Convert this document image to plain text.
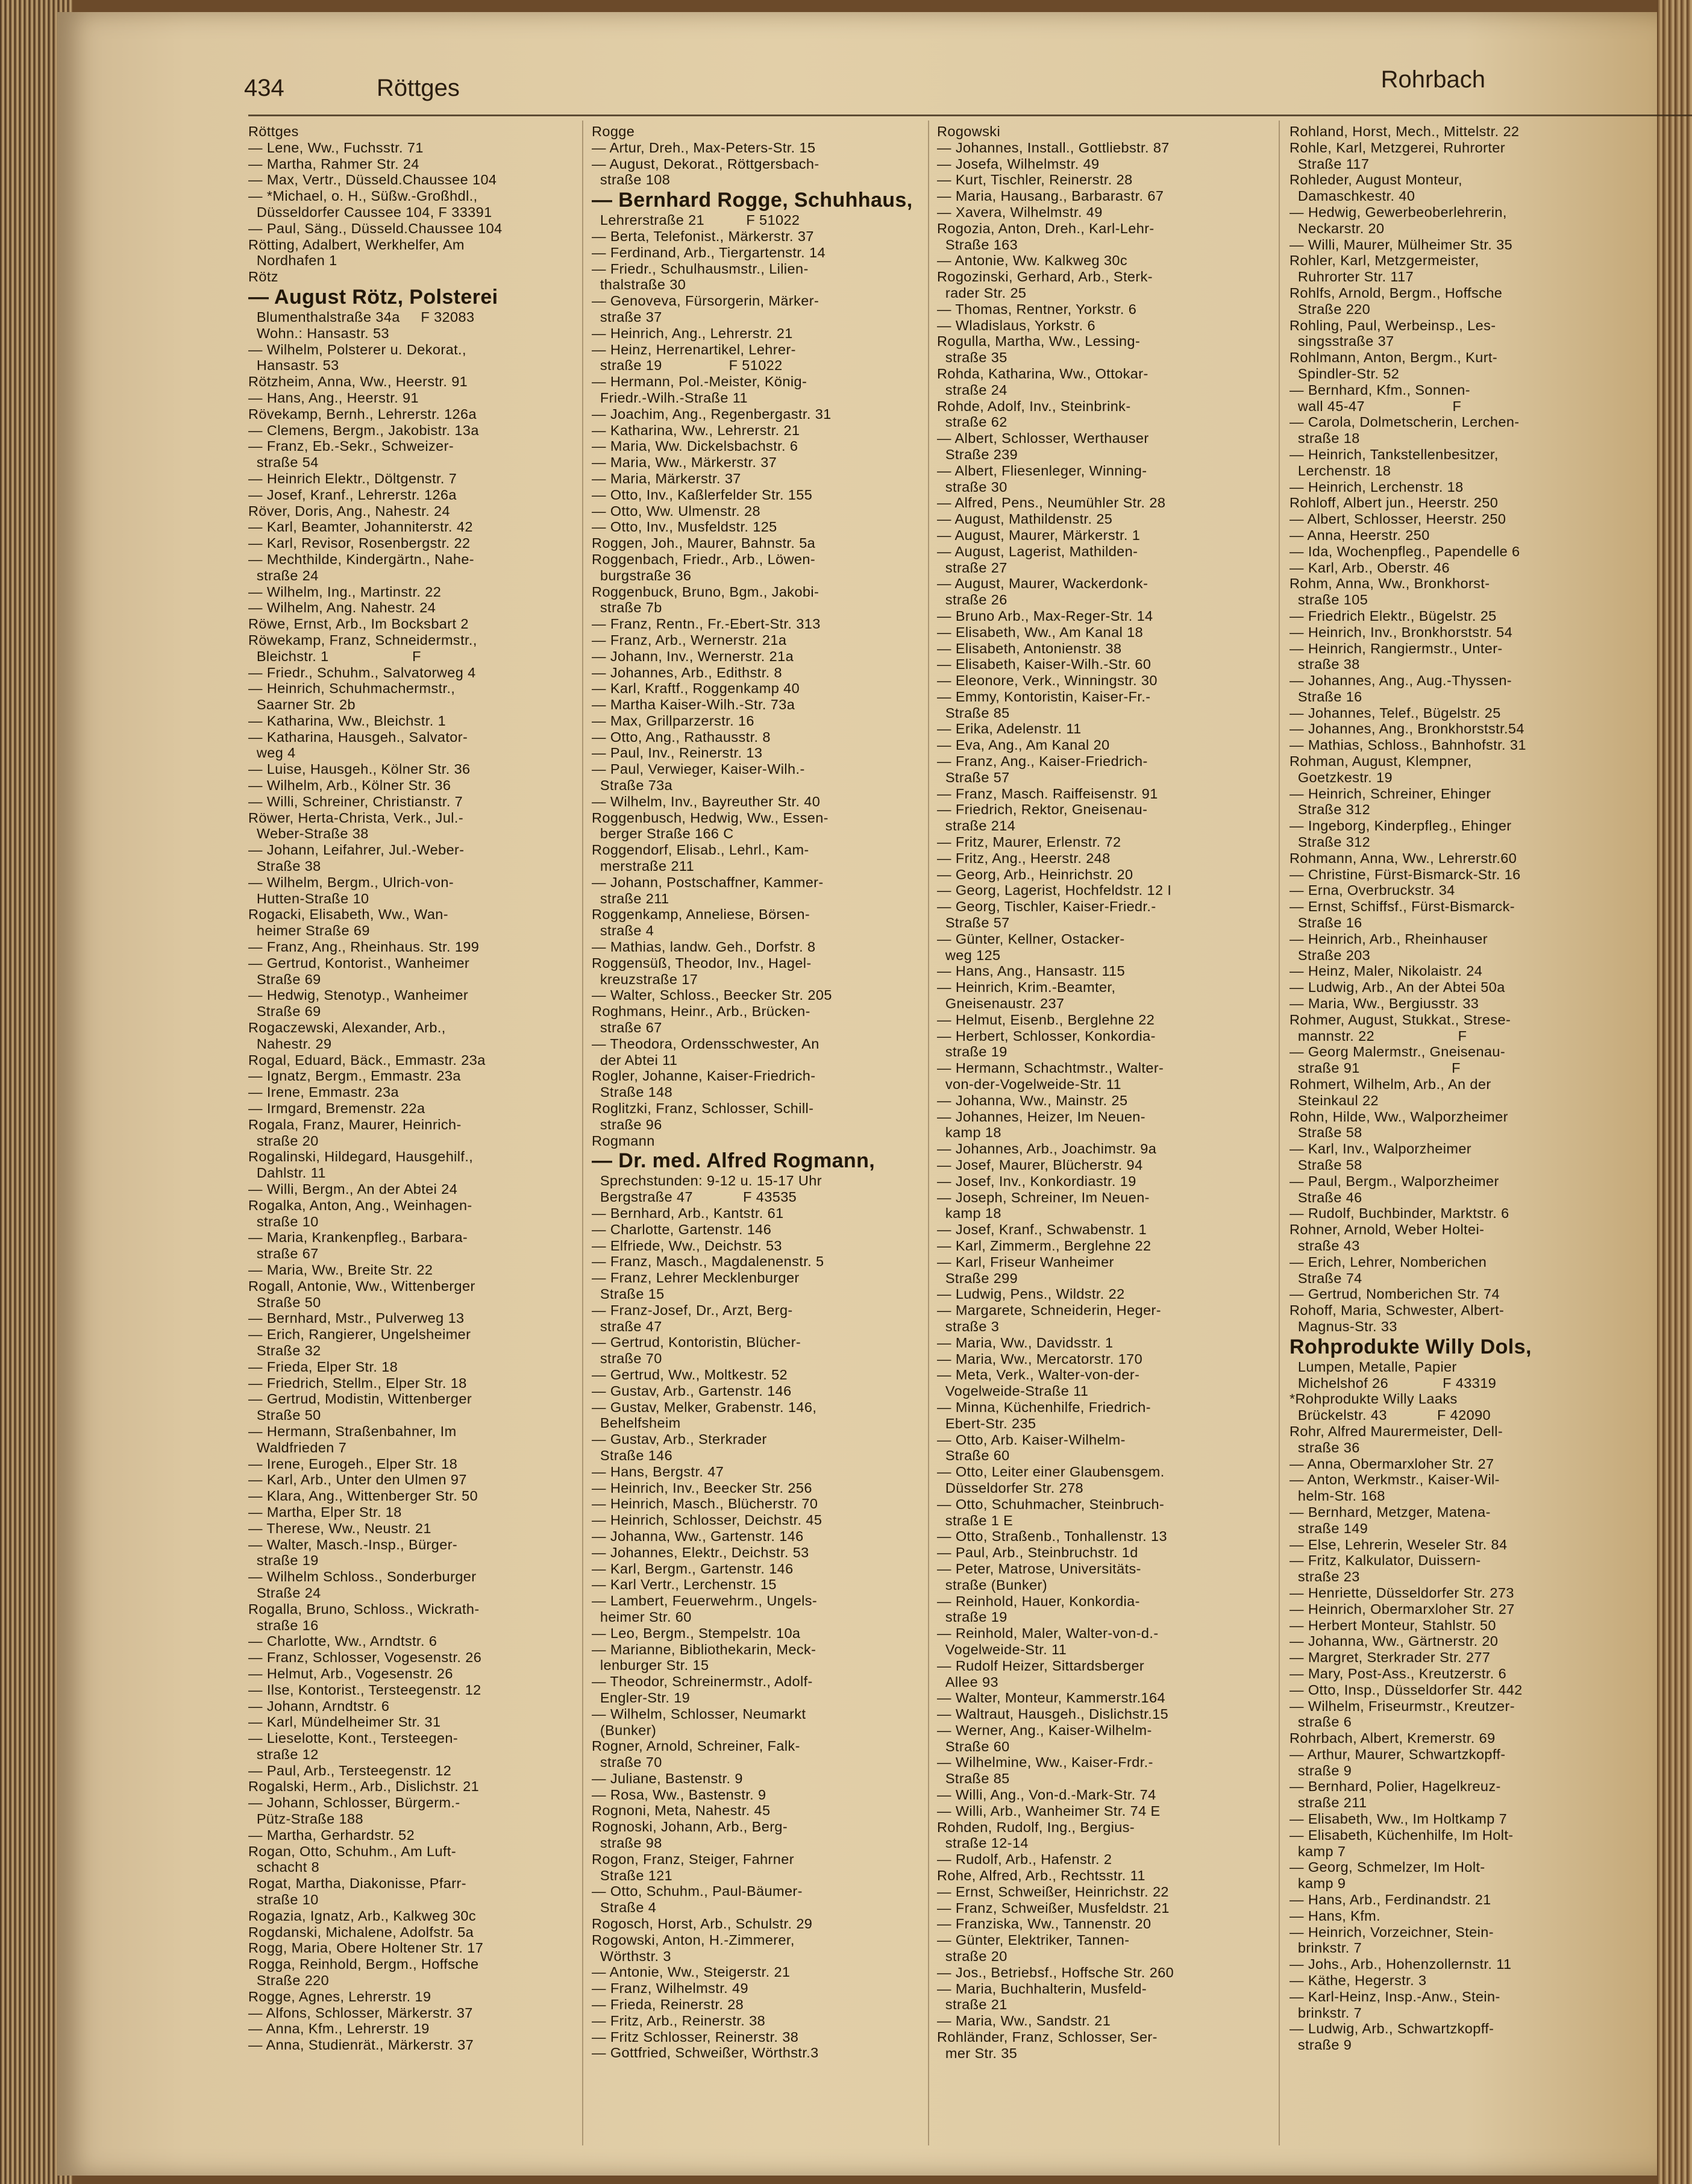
434	Röttges	Rohrbach
Röttges
— Lene, Ww., Fuchsstr. 71
— Martha, Rahmer Str. 24
— Max, Vertr., Düsseld.Chaussee 104
— *Michael, o. H., Süßw.-Großhdl.,
Düsseldorfer Caussee 104, F 33391
— Paul, Säng., Düsseld.Chaussee 104
Rötting, Adalbert, Werkhelfer, Am
Nordhafen 1
Rötz
— August Rötz, Polsterei
Blumenthalstraße 34a     F 32083
Wohn.: Hansastr. 53
— Wilhelm, Polsterer u. Dekorat.,
Hansastr. 53
Rötzheim, Anna, Ww., Heerstr. 91
— Hans, Ang., Heerstr. 91
Rövekamp, Bernh., Lehrerstr. 126a
— Clemens, Bergm., Jakobistr. 13a
— Franz, Eb.-Sekr., Schweizer-
straße 54
— Heinrich Elektr., Döltgenstr. 7
— Josef, Kranf., Lehrerstr. 126a
Röver, Doris, Ang., Nahestr. 24
— Karl, Beamter, Johanniterstr. 42
— Karl, Revisor, Rosenbergstr. 22
— Mechthilde, Kindergärtn., Nahe-
straße 24
— Wilhelm, Ing., Martinstr. 22
— Wilhelm, Ang. Nahestr. 24
Röwe, Ernst, Arb., Im Bocksbart 2
Röwekamp, Franz, Schneidermstr.,
Bleichstr. 1                    F
— Friedr., Schuhm., Salvatorweg 4
— Heinrich, Schuhmachermstr.,
Saarner Str. 2b
— Katharina, Ww., Bleichstr. 1
— Katharina, Hausgeh., Salvator-
weg 4
— Luise, Hausgeh., Kölner Str. 36
— Wilhelm, Arb., Kölner Str. 36
— Willi, Schreiner, Christianstr. 7
Röwer, Herta-Christa, Verk., Jul.-
Weber-Straße 38
— Johann, Leifahrer, Jul.-Weber-
Straße 38
— Wilhelm, Bergm., Ulrich-von-
Hutten-Straße 10
Rogacki, Elisabeth, Ww., Wan-
heimer Straße 69
— Franz, Ang., Rheinhaus. Str. 199
— Gertrud, Kontorist., Wanheimer
Straße 69
— Hedwig, Stenotyp., Wanheimer
Straße 69
Rogaczewski, Alexander, Arb.,
Nahestr. 29
Rogal, Eduard, Bäck., Emmastr. 23a
— Ignatz, Bergm., Emmastr. 23a
— Irene, Emmastr. 23a
— Irmgard, Bremenstr. 22a
Rogala, Franz, Maurer, Heinrich-
straße 20
Rogalinski, Hildegard, Hausgehilf.,
Dahlstr. 11
— Willi, Bergm., An der Abtei 24
Rogalka, Anton, Ang., Weinhagen-
straße 10
— Maria, Krankenpfleg., Barbara-
straße 67
— Maria, Ww., Breite Str. 22
Rogall, Antonie, Ww., Wittenberger
Straße 50
— Bernhard, Mstr., Pulverweg 13
— Erich, Rangierer, Ungelsheimer
Straße 32
— Frieda, Elper Str. 18
— Friedrich, Stellm., Elper Str. 18
— Gertrud, Modistin, Wittenberger
Straße 50
— Hermann, Straßenbahner, Im
Waldfrieden 7
— Irene, Eurogeh., Elper Str. 18
— Karl, Arb., Unter den Ulmen 97
— Klara, Ang., Wittenberger Str. 50
— Martha, Elper Str. 18
— Therese, Ww., Neustr. 21
— Walter, Masch.-Insp., Bürger-
straße 19
— Wilhelm Schloss., Sonderburger
Straße 24
Rogalla, Bruno, Schloss., Wickrath-
straße 16
— Charlotte, Ww., Arndtstr. 6
— Franz, Schlosser, Vogesenstr. 26
— Helmut, Arb., Vogesenstr. 26
— Ilse, Kontorist., Tersteegenstr. 12
— Johann, Arndtstr. 6
— Karl, Mündelheimer Str. 31
— Lieselotte, Kont., Tersteegen-
straße 12
— Paul, Arb., Tersteegenstr. 12
Rogalski, Herm., Arb., Dislichstr. 21
— Johann, Schlosser, Bürgerm.-
Pütz-Straße 188
— Martha, Gerhardstr. 52
Rogan, Otto, Schuhm., Am Luft-
schacht 8
Rogat, Martha, Diakonisse, Pfarr-
straße 10
Rogazia, Ignatz, Arb., Kalkweg 30c
Rogdanski, Michalene, Adolfstr. 5a
Rogg, Maria, Obere Holtener Str. 17
Rogga, Reinhold, Bergm., Hoffsche
Straße 220
Rogge, Agnes, Lehrerstr. 19
— Alfons, Schlosser, Märkerstr. 37
— Anna, Kfm., Lehrerstr. 19
— Anna, Studienrät., Märkerstr. 37
Rogge
— Artur, Dreh., Max-Peters-Str. 15
— August, Dekorat., Röttgersbach-
straße 108
— Bernhard Rogge, Schuhhaus,
Lehrerstraße 21          F 51022
— Berta, Telefonist., Märkerstr. 37
— Ferdinand, Arb., Tiergartenstr. 14
— Friedr., Schulhausmstr., Lilien-
thalstraße 30
— Genoveva, Fürsorgerin, Märker-
straße 37
— Heinrich, Ang., Lehrerstr. 21
— Heinz, Herrenartikel, Lehrer-
straße 19                F 51022
— Hermann, Pol.-Meister, König-
Friedr.-Wilh.-Straße 11
— Joachim, Ang., Regenbergastr. 31
— Katharina, Ww., Lehrerstr. 21
— Maria, Ww. Dickelsbachstr. 6
— Maria, Ww., Märkerstr. 37
— Maria, Märkerstr. 37
— Otto, Inv., Kaßlerfelder Str. 155
— Otto, Ww. Ulmenstr. 28
— Otto, Inv., Musfeldstr. 125
Roggen, Joh., Maurer, Bahnstr. 5a
Roggenbach, Friedr., Arb., Löwen-
burgstraße 36
Roggenbuck, Bruno, Bgm., Jakobi-
straße 7b
— Franz, Rentn., Fr.-Ebert-Str. 313
— Franz, Arb., Wernerstr. 21a
— Johann, Inv., Wernerstr. 21a
— Johannes, Arb., Edithstr. 8
— Karl, Kraftf., Roggenkamp 40
— Martha Kaiser-Wilh.-Str. 73a
— Max, Grillparzerstr. 16
— Otto, Ang., Rathausstr. 8
— Paul, Inv., Reinerstr. 13
— Paul, Verwieger, Kaiser-Wilh.-
Straße 73a
— Wilhelm, Inv., Bayreuther Str. 40
Roggenbusch, Hedwig, Ww., Essen-
berger Straße 166 C
Roggendorf, Elisab., Lehrl., Kam-
merstraße 211
— Johann, Postschaffner, Kammer-
straße 211
Roggenkamp, Anneliese, Börsen-
straße 4
— Mathias, landw. Geh., Dorfstr. 8
Roggensüß, Theodor, Inv., Hagel-
kreuzstraße 17
— Walter, Schloss., Beecker Str. 205
Roghmans, Heinr., Arb., Brücken-
straße 67
— Theodora, Ordensschwester, An
der Abtei 11
Rogler, Johanne, Kaiser-Friedrich-
Straße 148
Roglitzki, Franz, Schlosser, Schill-
straße 96
Rogmann
— Dr. med. Alfred Rogmann,
Sprechstunden: 9-12 u. 15-17 Uhr
Bergstraße 47            F 43535
— Bernhard, Arb., Kantstr. 61
— Charlotte, Gartenstr. 146
— Elfriede, Ww., Deichstr. 53
— Franz, Masch., Magdalenenstr. 5
— Franz, Lehrer Mecklenburger
Straße 15
— Franz-Josef, Dr., Arzt, Berg-
straße 47
— Gertrud, Kontoristin, Blücher-
straße 70
— Gertrud, Ww., Moltkestr. 52
— Gustav, Arb., Gartenstr. 146
— Gustav, Melker, Grabenstr. 146,
Behelfsheim
— Gustav, Arb., Sterkrader
Straße 146
— Hans, Bergstr. 47
— Heinrich, Inv., Beecker Str. 256
— Heinrich, Masch., Blücherstr. 70
— Heinrich, Schlosser, Deichstr. 45
— Johanna, Ww., Gartenstr. 146
— Johannes, Elektr., Deichstr. 53
— Karl, Bergm., Gartenstr. 146
— Karl Vertr., Lerchenstr. 15
— Lambert, Feuerwehrm., Ungels-
heimer Str. 60
— Leo, Bergm., Stempelstr. 10a
— Marianne, Bibliothekarin, Meck-
lenburger Str. 15
— Theodor, Schreinermstr., Adolf-
Engler-Str. 19
— Wilhelm, Schlosser, Neumarkt
(Bunker)
Rogner, Arnold, Schreiner, Falk-
straße 70
— Juliane, Bastenstr. 9
— Rosa, Ww., Bastenstr. 9
Rognoni, Meta, Nahestr. 45
Rognoski, Johann, Arb., Berg-
straße 98
Rogon, Franz, Steiger, Fahrner
Straße 121
— Otto, Schuhm., Paul-Bäumer-
Straße 4
Rogosch, Horst, Arb., Schulstr. 29
Rogowski, Anton, H.-Zimmerer,
Wörthstr. 3
— Antonie, Ww., Steigerstr. 21
— Franz, Wilhelmstr. 49
— Frieda, Reinerstr. 28
— Fritz, Arb., Reinerstr. 38
— Fritz Schlosser, Reinerstr. 38
— Gottfried, Schweißer, Wörthstr.3
Rogowski
— Johannes, Install., Gottliebstr. 87
— Josefa, Wilhelmstr. 49
— Kurt, Tischler, Reinerstr. 28
— Maria, Hausang., Barbarastr. 67
— Xavera, Wilhelmstr. 49
Rogozia, Anton, Dreh., Karl-Lehr-
Straße 163
— Antonie, Ww. Kalkweg 30c
Rogozinski, Gerhard, Arb., Sterk-
rader Str. 25
— Thomas, Rentner, Yorkstr. 6
— Wladislaus, Yorkstr. 6
Rogulla, Martha, Ww., Lessing-
straße 35
Rohda, Katharina, Ww., Ottokar-
straße 24
Rohde, Adolf, Inv., Steinbrink-
straße 62
— Albert, Schlosser, Werthauser
Straße 239
— Albert, Fliesenleger, Winning-
straße 30
— Alfred, Pens., Neumühler Str. 28
— August, Mathildenstr. 25
— August, Maurer, Märkerstr. 1
— August, Lagerist, Mathilden-
straße 27
— August, Maurer, Wackerdonk-
straße 26
— Bruno Arb., Max-Reger-Str. 14
— Elisabeth, Ww., Am Kanal 18
— Elisabeth, Antonienstr. 38
— Elisabeth, Kaiser-Wilh.-Str. 60
— Eleonore, Verk., Winningstr. 30
— Emmy, Kontoristin, Kaiser-Fr.-
Straße 85
— Erika, Adelenstr. 11
— Eva, Ang., Am Kanal 20
— Franz, Ang., Kaiser-Friedrich-
Straße 57
— Franz, Masch. Raiffeisenstr. 91
— Friedrich, Rektor, Gneisenau-
straße 214
— Fritz, Maurer, Erlenstr. 72
— Fritz, Ang., Heerstr. 248
— Georg, Arb., Heinrichstr. 20
— Georg, Lagerist, Hochfeldstr. 12 I
— Georg, Tischler, Kaiser-Friedr.-
Straße 57
— Günter, Kellner, Ostacker-
weg 125
— Hans, Ang., Hansastr. 115
— Heinrich, Krim.-Beamter,
Gneisenaustr. 237
— Helmut, Eisenb., Berglehne 22
— Herbert, Schlosser, Konkordia-
straße 19
— Hermann, Schachtmstr., Walter-
von-der-Vogelweide-Str. 11
— Johanna, Ww., Mainstr. 25
— Johannes, Heizer, Im Neuen-
kamp 18
— Johannes, Arb., Joachimstr. 9a
— Josef, Maurer, Blücherstr. 94
— Josef, Inv., Konkordiastr. 19
— Joseph, Schreiner, Im Neuen-
kamp 18
— Josef, Kranf., Schwabenstr. 1
— Karl, Zimmerm., Berglehne 22
— Karl, Friseur Wanheimer
Straße 299
— Ludwig, Pens., Wildstr. 22
— Margarete, Schneiderin, Heger-
straße 3
— Maria, Ww., Davidsstr. 1
— Maria, Ww., Mercatorstr. 170
— Meta, Verk., Walter-von-der-
Vogelweide-Straße 11
— Minna, Küchenhilfe, Friedrich-
Ebert-Str. 235
— Otto, Arb. Kaiser-Wilhelm-
Straße 60
— Otto, Leiter einer Glaubensgem.
Düsseldorfer Str. 278
— Otto, Schuhmacher, Steinbruch-
straße 1 E
— Otto, Straßenb., Tonhallenstr. 13
— Paul, Arb., Steinbruchstr. 1d
— Peter, Matrose, Universitäts-
straße (Bunker)
— Reinhold, Hauer, Konkordia-
straße 19
— Reinhold, Maler, Walter-von-d.-
Vogelweide-Str. 11
— Rudolf Heizer, Sittardsberger
Allee 93
— Walter, Monteur, Kammerstr.164
— Waltraut, Hausgeh., Dislichstr.15
— Werner, Ang., Kaiser-Wilhelm-
Straße 60
— Wilhelmine, Ww., Kaiser-Frdr.-
Straße 85
— Willi, Ang., Von-d.-Mark-Str. 74
— Willi, Arb., Wanheimer Str. 74 E
Rohden, Rudolf, Ing., Bergius-
straße 12-14
— Rudolf, Arb., Hafenstr. 2
Rohe, Alfred, Arb., Rechtsstr. 11
— Ernst, Schweißer, Heinrichstr. 22
— Franz, Schweißer, Musfeldstr. 21
— Franziska, Ww., Tannenstr. 20
— Günter, Elektriker, Tannen-
straße 20
— Jos., Betriebsf., Hoffsche Str. 260
— Maria, Buchhalterin, Musfeld-
straße 21
— Maria, Ww., Sandstr. 21
Rohländer, Franz, Schlosser, Ser-
mer Str. 35
Rohland, Horst, Mech., Mittelstr. 22
Rohle, Karl, Metzgerei, Ruhrorter
Straße 117
Rohleder, August Monteur,
Damaschkestr. 40
— Hedwig, Gewerbeoberlehrerin,
Neckarstr. 20
— Willi, Maurer, Mülheimer Str. 35
Rohler, Karl, Metzgermeister,
Ruhrorter Str. 117
Rohlfs, Arnold, Bergm., Hoffsche
Straße 220
Rohling, Paul, Werbeinsp., Les-
singsstraße 37
Rohlmann, Anton, Bergm., Kurt-
Spindler-Str. 52
— Bernhard, Kfm., Sonnen-
wall 45-47                     F
— Carola, Dolmetscherin, Lerchen-
straße 18
— Heinrich, Tankstellenbesitzer,
Lerchenstr. 18
— Heinrich, Lerchenstr. 18
Rohloff, Albert jun., Heerstr. 250
— Albert, Schlosser, Heerstr. 250
— Anna, Heerstr. 250
— Ida, Wochenpfleg., Papendelle 6
— Karl, Arb., Oberstr. 46
Rohm, Anna, Ww., Bronkhorst-
straße 105
— Friedrich Elektr., Bügelstr. 25
— Heinrich, Inv., Bronkhorststr. 54
— Heinrich, Rangiermstr., Unter-
straße 38
— Johannes, Ang., Aug.-Thyssen-
Straße 16
— Johannes, Telef., Bügelstr. 25
— Johannes, Ang., Bronkhorststr.54
— Mathias, Schloss., Bahnhofstr. 31
Rohman, August, Klempner,
Goetzkestr. 19
— Heinrich, Schreiner, Ehinger
Straße 312
— Ingeborg, Kinderpfleg., Ehinger
Straße 312
Rohmann, Anna, Ww., Lehrerstr.60
— Christine, Fürst-Bismarck-Str. 16
— Erna, Overbruckstr. 34
— Ernst, Schiffsf., Fürst-Bismarck-
Straße 16
— Heinrich, Arb., Rheinhauser
Straße 203
— Heinz, Maler, Nikolaistr. 24
— Ludwig, Arb., An der Abtei 50a
— Maria, Ww., Bergiusstr. 33
Rohmer, August, Stukkat., Strese-
mannstr. 22                    F
— Georg Malermstr., Gneisenau-
straße 91                      F
Rohmert, Wilhelm, Arb., An der
Steinkaul 22
Rohn, Hilde, Ww., Walporzheimer
Straße 58
— Karl, Inv., Walporzheimer
Straße 58
— Paul, Bergm., Walporzheimer
Straße 46
— Rudolf, Buchbinder, Marktstr. 6
Rohner, Arnold, Weber Holtei-
straße 43
— Erich, Lehrer, Nomberichen
Straße 74
— Gertrud, Nomberichen Str. 74
Rohoff, Maria, Schwester, Albert-
Magnus-Str. 33
Rohprodukte Willy Dols,
Lumpen, Metalle, Papier
Michelshof 26             F 43319
*Rohprodukte Willy Laaks
Brückelstr. 43            F 42090
Rohr, Alfred Maurermeister, Dell-
straße 36
— Anna, Obermarxloher Str. 27
— Anton, Werkmstr., Kaiser-Wil-
helm-Str. 168
— Bernhard, Metzger, Matena-
straße 149
— Else, Lehrerin, Weseler Str. 84
— Fritz, Kalkulator, Duissern-
straße 23
— Henriette, Düsseldorfer Str. 273
— Heinrich, Obermarxloher Str. 27
— Herbert Monteur, Stahlstr. 50
— Johanna, Ww., Gärtnerstr. 20
— Margret, Sterkrader Str. 277
— Mary, Post-Ass., Kreutzerstr. 6
— Otto, Insp., Düsseldorfer Str. 442
— Wilhelm, Friseurmstr., Kreutzer-
straße 6
Rohrbach, Albert, Kremerstr. 69
— Arthur, Maurer, Schwartzkopff-
straße 9
— Bernhard, Polier, Hagelkreuz-
straße 211
— Elisabeth, Ww., Im Holtkamp 7
— Elisabeth, Küchenhilfe, Im Holt-
kamp 7
— Georg, Schmelzer, Im Holt-
kamp 9
— Hans, Arb., Ferdinandstr. 21
— Hans, Kfm.
— Heinrich, Vorzeichner, Stein-
brinkstr. 7
— Johs., Arb., Hohenzollernstr. 11
— Käthe, Hegerstr. 3
— Karl-Heinz, Insp.-Anw., Stein-
brinkstr. 7
— Ludwig, Arb., Schwartzkopff-
straße 9
